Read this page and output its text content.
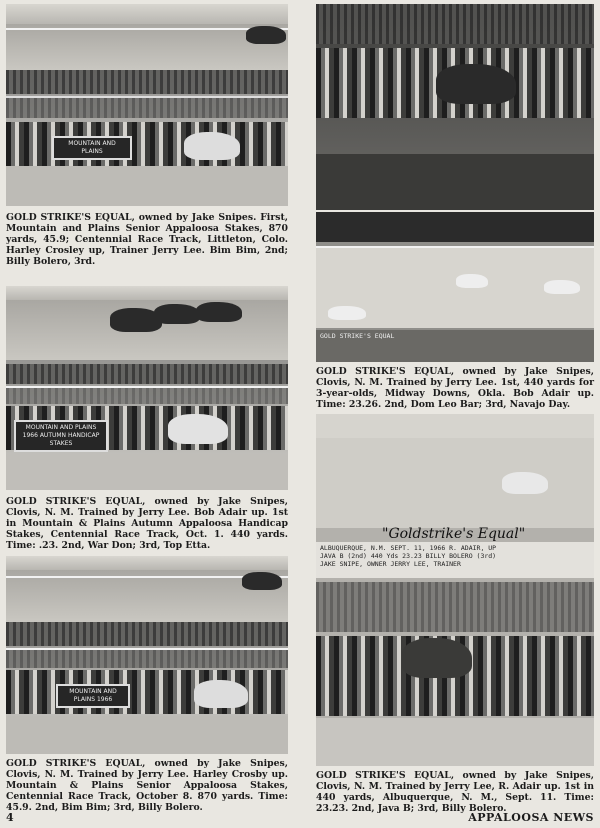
MOUNTAIN AND PLAINS

GOLD STRIKE'S EQUAL, owned by Jake Snipes. First, Mountain and Plains Senior Appaloosa Stakes, 870 yards, 45.9; Centennial Race Track, Littleton, Colo. Harley Crosley up, Trainer Jerry Lee. Bim Bim, 2nd; Billy Bolero, 3rd.

MOUNTAIN AND PLAINS 1966 AUTUMN HANDICAP STAKES

GOLD STRIKE'S EQUAL, owned by Jake Snipes, Clovis, N. M. Trained by Jerry Lee. Bob Adair up. 1st in Mountain & Plains Autumn Appaloosa Handicap Stakes, Centennial Race Track, Oct. 1. 440 yards. Time: .23. 2nd, War Don; 3rd, Top Etta.

MOUNTAIN AND PLAINS 1966

GOLD STRIKE'S EQUAL, owned by Jake Snipes, Clovis, N. M. Trained by Jerry Lee. Harley Crosby up. Mountain & Plains Senior Appaloosa Stakes, Centennial Race Track, October 8. 870 yards. Time: 45.9. 2nd, Bim Bim; 3rd, Billy Bolero.

GOLD STRIKE'S EQUAL

GOLD STRIKE'S EQUAL, owned by Jake Snipes, Clovis, N. M. Trained by Jerry Lee. 1st, 440 yards for 3-year-olds, Midway Downs, Okla. Bob Adair up. Time: 23.26. 2nd, Dom Leo Bar; 3rd, Navajo Day.

"Goldstrike's Equal"
ALBUQUERQUE, N.M. SEPT. 11, 1966 R. ADAIR, UP
JAVA B (2nd) 440 Yds 23.23 BILLY BOLERO (3rd)
JAKE SNIPE, OWNER JERRY LEE, TRAINER

GOLD STRIKE'S EQUAL, owned by Jake Snipes, Clovis, N. M. Trained by Jerry Lee, R. Adair up. 1st in 440 yards, Albuquerque, N. M., Sept. 11. Time: 23.23. 2nd, Java B; 3rd, Billy Bolero.

4	APPALOOSA NEWS
